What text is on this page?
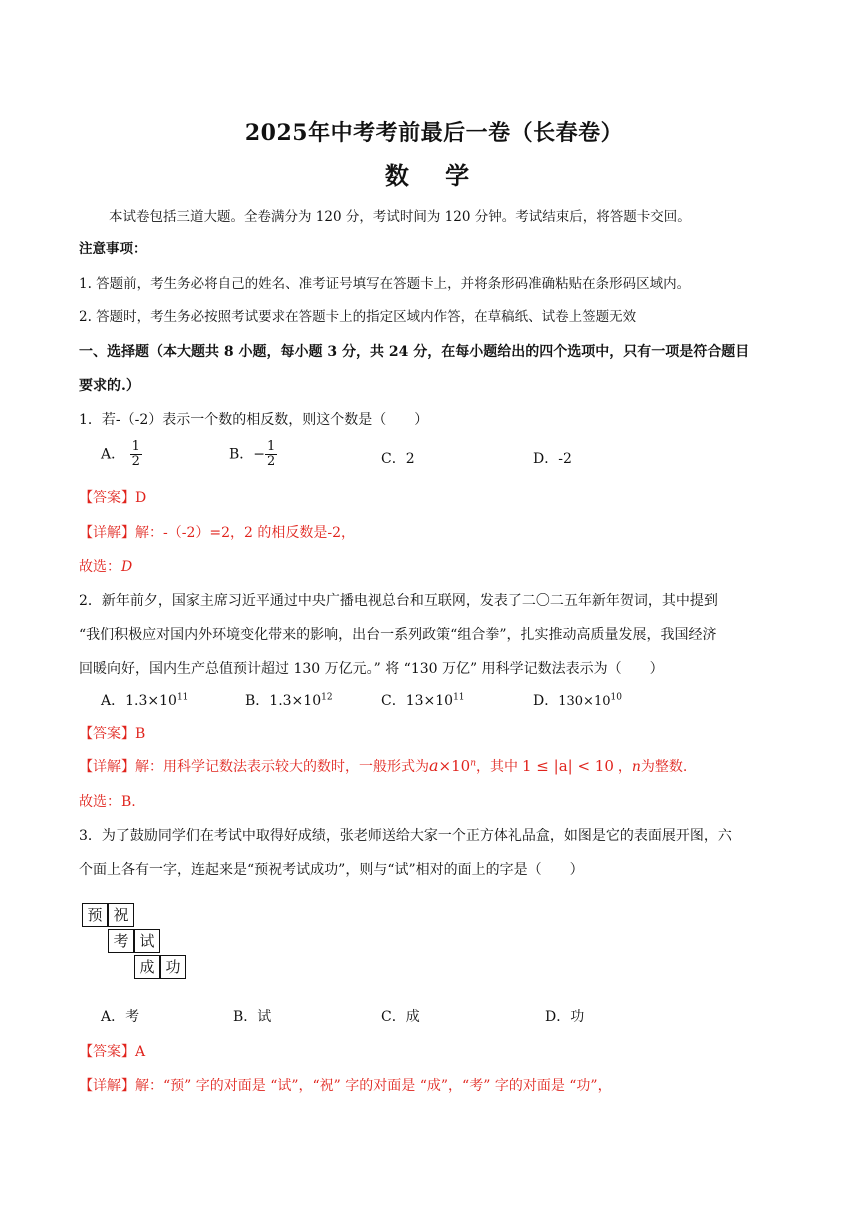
2025年中考考前最后一卷（长春卷）
数 学
本试卷包括三道大题。全卷满分为 120 分，考试时间为 120 分钟。考试结束后，将答题卡交回。
注意事项：
1. 答题前，考生务必将自己的姓名、准考证号填写在答题卡上，并将条形码准确粘贴在条形码区域内。
2. 答题时，考生务必按照考试要求在答题卡上的指定区域内作答，在草稿纸、试卷上签题无效
一、选择题（本大题共 8 小题，每小题 3 分，共 24 分，在每小题给出的四个选项中，只有一项是符合题目
要求的.）
1．若-（-2）表示一个数的相反数，则这个数是（　　）
A． $\frac{1}{2}$	B．− $\frac{1}{2}$	C．2	D．-2
【答案】D
【详解】解：-（-2）=2，2 的相反数是-2，
故选：D
2．新年前夕，国家主席习近平通过中央广播电视总台和互联网，发表了二〇二五年新年贺词，其中提到
“我们积极应对国内外环境变化带来的影响，出台一系列政策“组合拳”，扎实推动高质量发展，我国经济
回暖向好，国内生产总值预计超过 130 万亿元。” 将 “130 万亿” 用科学记数法表示为（　　）
A．$1.3\times 10^{11}$	B．$1.3\times 10^{12}$	C．$13\times 10^{11}$	D．$130\times 10^{10}$
【答案】B
【详解】解：用科学记数法表示较大的数时，一般形式为$a\times 10^n$，其中 1 ≤ |a| < 10 ，n为整数.
故选：B.
3．为了鼓励同学们在考试中取得好成绩，张老师送给大家一个正方体礼品盒，如图是它的表面展开图，六
个面上各有一字，连起来是“预祝考试成功”，则与“试”相对的面上的字是（　　）
预 祝
考 试
成 功
A．考	B．试	C．成	D．功
【答案】A
【详解】解：“预” 字的对面是 “试”，“祝” 字的对面是 “成”，“考” 字的对面是 “功”，
